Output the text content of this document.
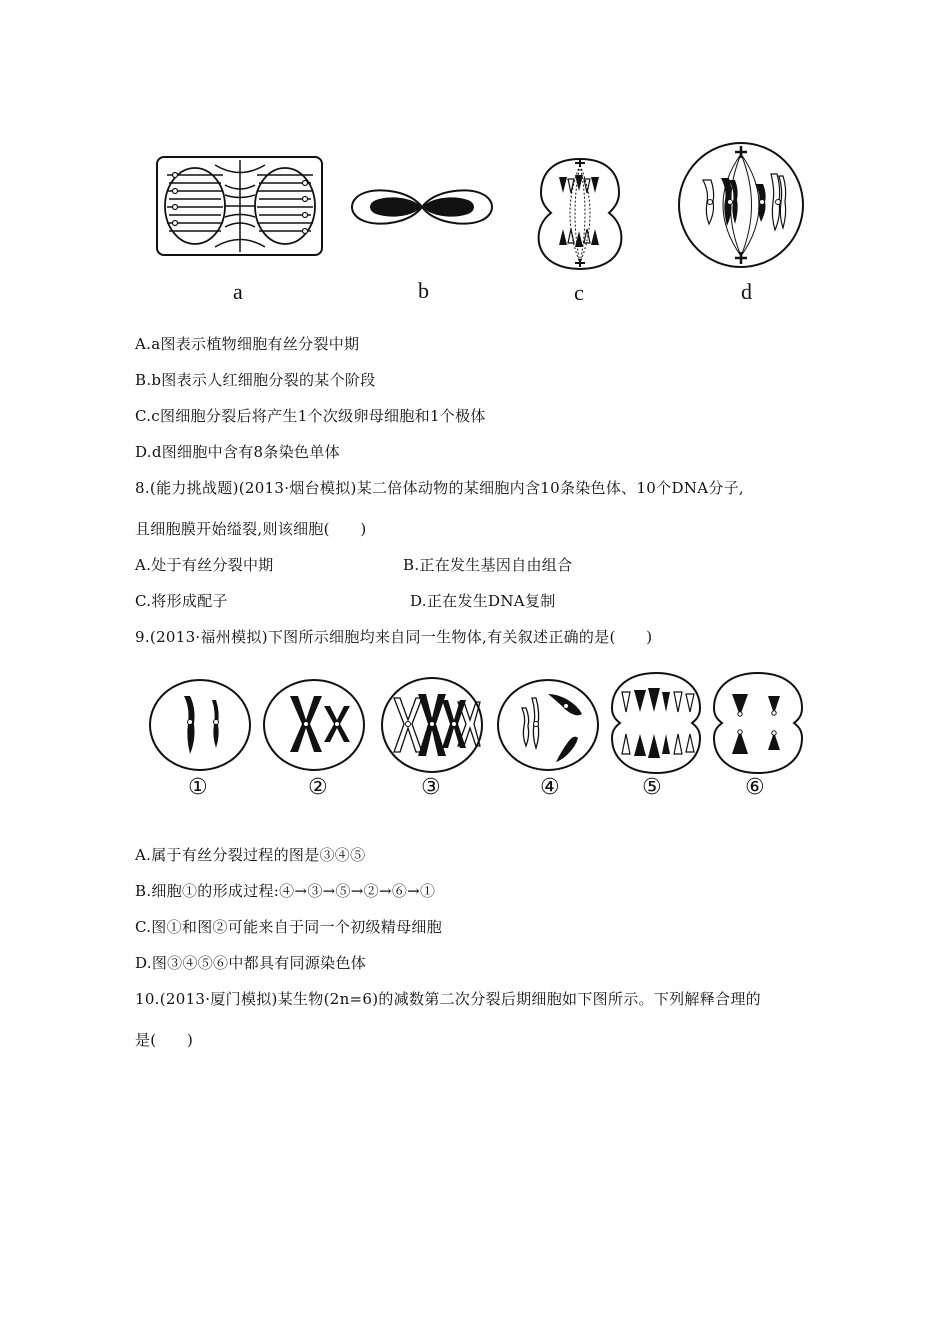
a	b	c	d
A.a图表示植物细胞有丝分裂中期
B.b图表示人红细胞分裂的某个阶段
C.c图细胞分裂后将产生1个次级卵母细胞和1个极体
D.d图细胞中含有8条染色单体
8.(能力挑战题)(2013·烟台模拟)某二倍体动物的某细胞内含10条染色体、10个DNA分子,
且细胞膜开始缢裂,则该细胞(　　)
A.处于有丝分裂中期	B.正在发生基因自由组合
C.将形成配子	D.正在发生DNA复制
9.(2013·福州模拟)下图所示细胞均来自同一生物体,有关叙述正确的是(　　)
①	②	③	④	⑤	⑥
A.属于有丝分裂过程的图是③④⑤
B.细胞①的形成过程:④→③→⑤→②→⑥→①
C.图①和图②可能来自于同一个初级精母细胞
D.图③④⑤⑥中都具有同源染色体
10.(2013·厦门模拟)某生物(2n=6)的减数第二次分裂后期细胞如下图所示。下列解释合理的
是(　　)
